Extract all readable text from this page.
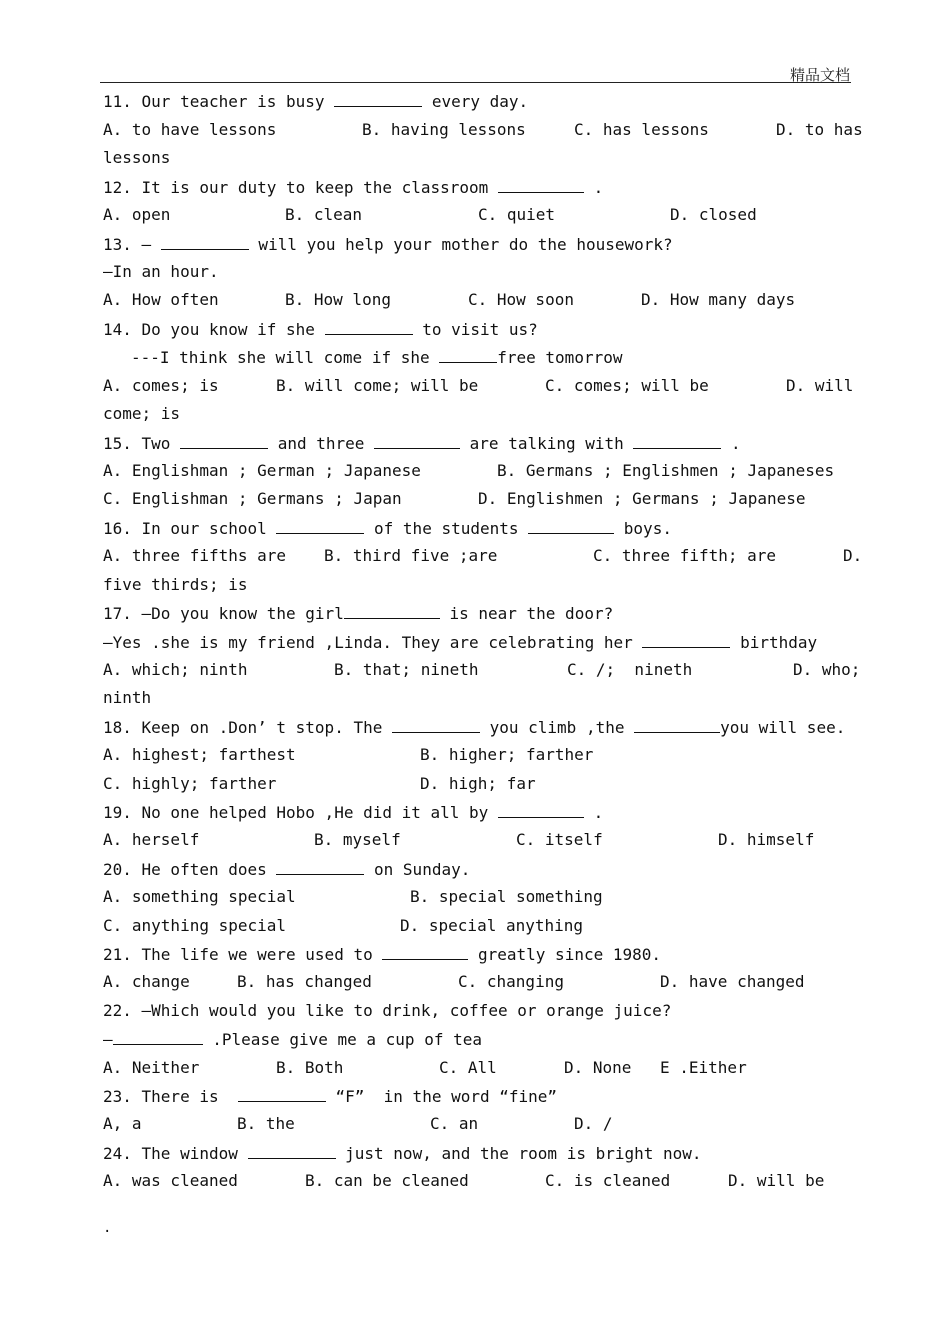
精品文档
11. Our teacher is busy	every day.
A. to have lessons	B. having lessons	C. has lessons	D. to has
lessons
12. It is our duty to keep the classroom	.
A. open	B. clean	C. quiet	D. closed
13. —	will you help your mother do the housework?
—In an hour.
A. How often	B. How long	C. How soon	D. How many days
14. Do you know if she	to visit us?
---I think she will come if she	free tomorrow
A. comes; is	B. will come; will be	C. comes; will be	D. will
come; is
15. Two	and three	are talking with	.
A. Englishman ; German ; Japanese	B. Germans ; Englishmen ; Japaneses
C. Englishman ; Germans ; Japan	D. Englishmen ; Germans ; Japanese
16. In our school	of the students	boys.
A. three fifths are B. third five ;are	C. three fifth; are	D.
five thirds; is
17. —Do you know the girl	is near the door?
—Yes .she is my friend ,Linda. They are celebrating her	birthday
A. which; ninth	B. that; nineth	C. /;  nineth	D. who;
ninth
18. Keep on .Don’ t stop. The	you climb ,the	you will see.
A. highest; farthest	B. higher; farther
C. highly; farther	D. high; far
19. No one helped Hobo ,He did it all by	.
A. herself	B. myself	C. itself	D. himself
20. He often does	on Sunday.
A. something special	B. special something
C. anything special	D. special anything
21. The life we were used to	greatly since 1980.
A. change	B. has changed	C. changing	D. have changed
22. —Which would you like to drink, coffee or orange juice?
—	.Please give me a cup of tea
A. Neither	B. Both	C. All	D. None E .Either
23. There is	“F”  in the word “fine”
A, a	B. the	C. an	D. /
24. The window	just now, and the room is bright now.
A. was cleaned	B. can be cleaned	C. is cleaned	D. will be
.
